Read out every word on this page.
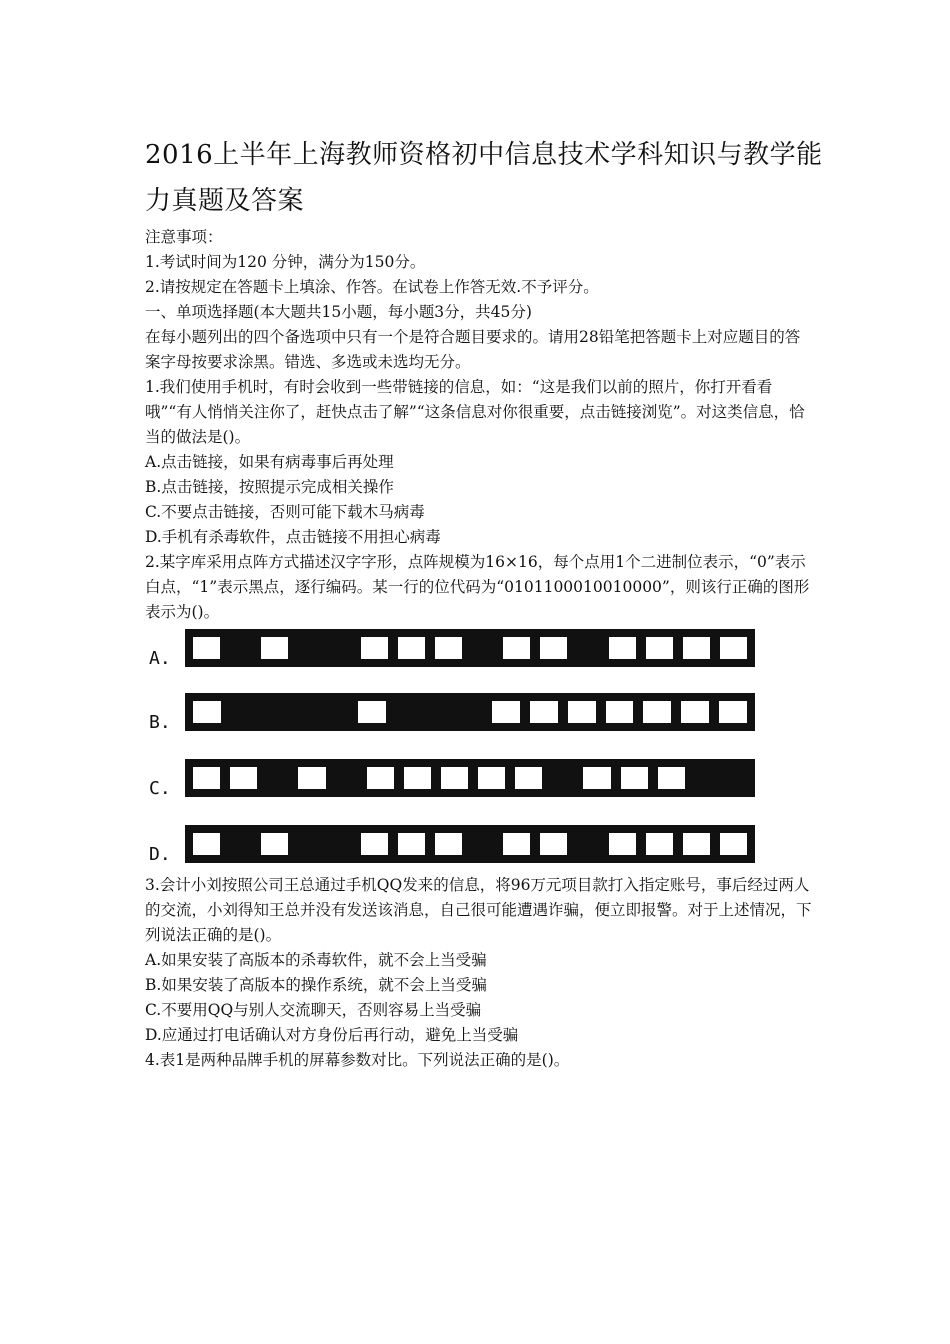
2016上半年上海教师资格初中信息技术学科知识与教学能
力真题及答案

注意事项：

1.考试时间为120 分钟，满分为150分。

2.请按规定在答题卡上填涂、作答。在试卷上作答无效.不予评分。

一、单项选择题(本大题共15小题，每小题3分，共45分)

在每小题列出的四个备选项中只有一个是符合题目要求的。请用28铅笔把答题卡上对应题目的答案字母按要求涂黑。错选、多选或未选均无分。

1.我们使用手机时，有时会收到一些带链接的信息，如：“这是我们以前的照片，你打开看看哦”“有人悄悄关注你了，赶快点击了解”“这条信息对你很重要，点击链接浏览”。对这类信息，恰当的做法是()。

A.点击链接，如果有病毒事后再处理

B.点击链接，按照提示完成相关操作

C.不要点击链接，否则可能下载木马病毒

D.手机有杀毒软件，点击链接不用担心病毒

2.某字库采用点阵方式描述汉字字形，点阵规模为16×16，每个点用1个二进制位表示，“0”表示白点，“1”表示黑点，逐行编码。某一行的位代码为“0101100010010000”，则该行正确的图形表示为()。

A.
B.
C.
D.

3.会计小刘按照公司王总通过手机QQ发来的信息，将96万元项目款打入指定账号，事后经过两人的交流，小刘得知王总并没有发送该消息，自己很可能遭遇诈骗，便立即报警。对于上述情况，下列说法正确的是()。

A.如果安装了高版本的杀毒软件，就不会上当受骗

B.如果安装了高版本的操作系统，就不会上当受骗

C.不要用QQ与别人交流聊天，否则容易上当受骗

D.应通过打电话确认对方身份后再行动，避免上当受骗

4.表1是两种品牌手机的屏幕参数对比。下列说法正确的是()。
